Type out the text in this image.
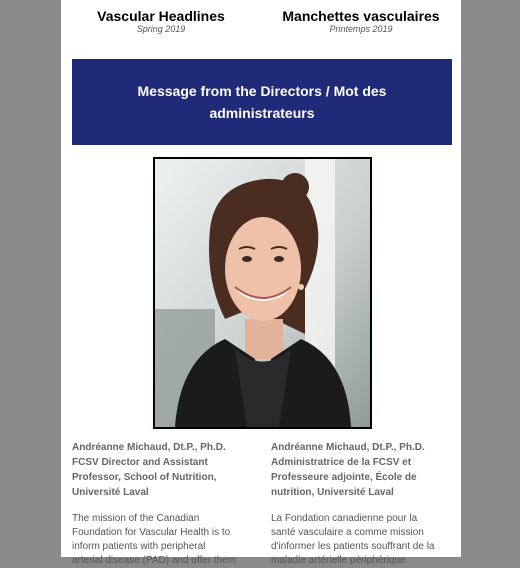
Vascular Headlines
Spring 2019
Manchettes vasculaires
Printemps 2019
Message from the Directors / Mot des administrateurs
Andréanne Michaud, Dt.P., Ph.D.
FCSV Director and Assistant
Professor, School of Nutrition,
Université Laval
The mission of the Canadian
Foundation for Vascular Health is to
inform patients with peripheral
arterial disease (PAD) and offer them
Andréanne Michaud, Dt.P., Ph.D.
Administratrice de la FCSV et
Professeure adjointe, École de
nutrition, Université Laval
La Fondation canadienne pour la
santé vasculaire a comme mission
d'informer les patients souffrant de la
maladie artérielle périphérique
